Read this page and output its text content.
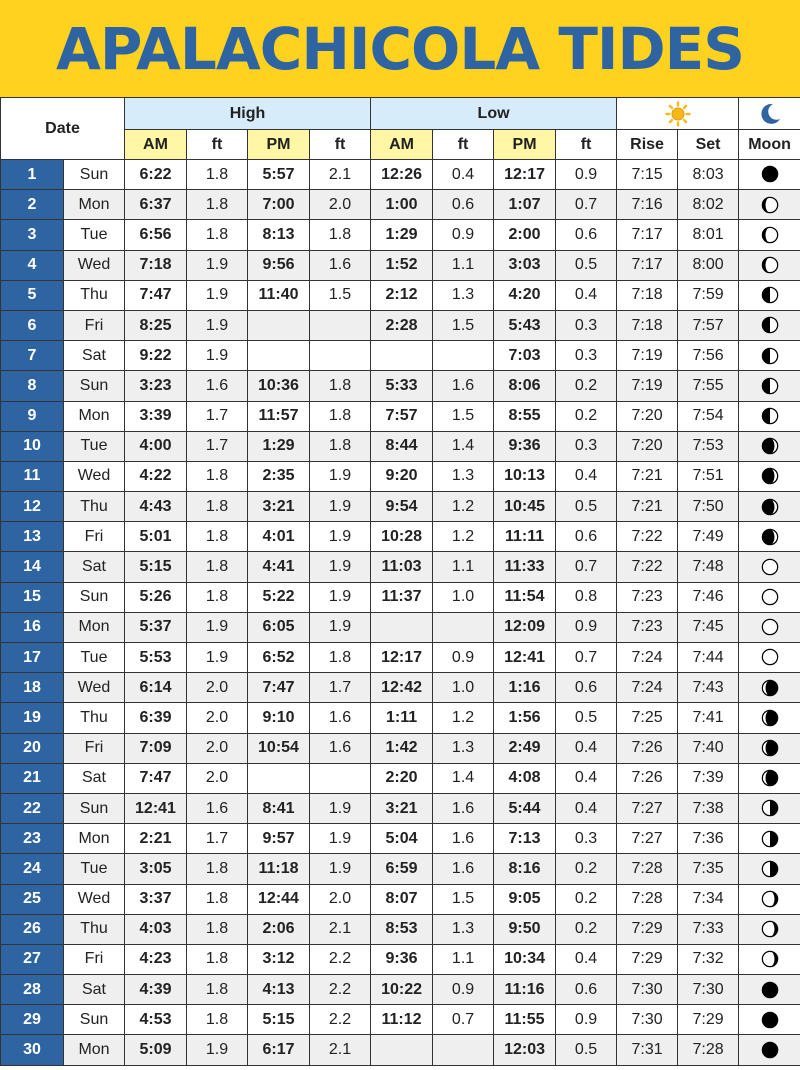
APALACHICOLA TIDES
Date		High				Low		
		AM	ft	PM	ft	AM	ft	PM	ft	Rise	Set	Moon
1	Sun	6:22	1.8	5:57	2.1	12:26	0.4	12:17	0.9	7:15	8:03	
2	Mon	6:37	1.8	7:00	2.0	1:00	0.6	1:07	0.7	7:16	8:02	
3	Tue	6:56	1.8	8:13	1.8	1:29	0.9	2:00	0.6	7:17	8:01	
4	Wed	7:18	1.9	9:56	1.6	1:52	1.1	3:03	0.5	7:17	8:00	
5	Thu	7:47	1.9	11:40	1.5	2:12	1.3	4:20	0.4	7:18	7:59	
6	Fri	8:25	1.9			2:28	1.5	5:43	0.3	7:18	7:57	
7	Sat	9:22	1.9					7:03	0.3	7:19	7:56	
8	Sun	3:23	1.6	10:36	1.8	5:33	1.6	8:06	0.2	7:19	7:55	
9	Mon	3:39	1.7	11:57	1.8	7:57	1.5	8:55	0.2	7:20	7:54	
10	Tue	4:00	1.7	1:29	1.8	8:44	1.4	9:36	0.3	7:20	7:53	
11	Wed	4:22	1.8	2:35	1.9	9:20	1.3	10:13	0.4	7:21	7:51	
12	Thu	4:43	1.8	3:21	1.9	9:54	1.2	10:45	0.5	7:21	7:50	
13	Fri	5:01	1.8	4:01	1.9	10:28	1.2	11:11	0.6	7:22	7:49	
14	Sat	5:15	1.8	4:41	1.9	11:03	1.1	11:33	0.7	7:22	7:48	
15	Sun	5:26	1.8	5:22	1.9	11:37	1.0	11:54	0.8	7:23	7:46	
16	Mon	5:37	1.9	6:05	1.9			12:09	0.9	7:23	7:45	
17	Tue	5:53	1.9	6:52	1.8	12:17	0.9	12:41	0.7	7:24	7:44	
18	Wed	6:14	2.0	7:47	1.7	12:42	1.0	1:16	0.6	7:24	7:43	
19	Thu	6:39	2.0	9:10	1.6	1:11	1.2	1:56	0.5	7:25	7:41	
20	Fri	7:09	2.0	10:54	1.6	1:42	1.3	2:49	0.4	7:26	7:40	
21	Sat	7:47	2.0			2:20	1.4	4:08	0.4	7:26	7:39	
22	Sun	12:41	1.6	8:41	1.9	3:21	1.6	5:44	0.4	7:27	7:38	
23	Mon	2:21	1.7	9:57	1.9	5:04	1.6	7:13	0.3	7:27	7:36	
24	Tue	3:05	1.8	11:18	1.9	6:59	1.6	8:16	0.2	7:28	7:35	
25	Wed	3:37	1.8	12:44	2.0	8:07	1.5	9:05	0.2	7:28	7:34	
26	Thu	4:03	1.8	2:06	2.1	8:53	1.3	9:50	0.2	7:29	7:33	
27	Fri	4:23	1.8	3:12	2.2	9:36	1.1	10:34	0.4	7:29	7:32	
28	Sat	4:39	1.8	4:13	2.2	10:22	0.9	11:16	0.6	7:30	7:30	
29	Sun	4:53	1.8	5:15	2.2	11:12	0.7	11:55	0.9	7:30	7:29	
30	Mon	5:09	1.9	6:17	2.1			12:03	0.5	7:31	7:28	
